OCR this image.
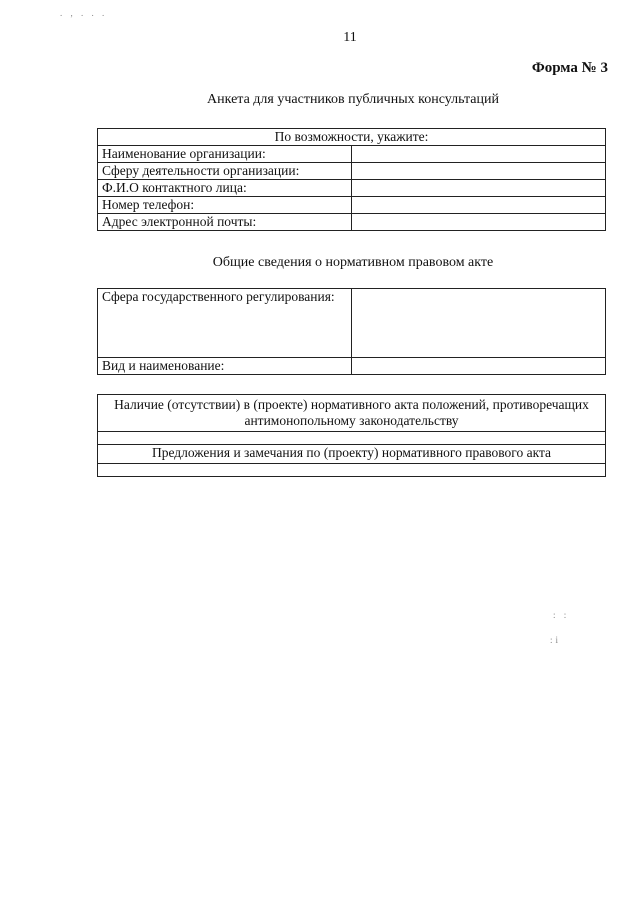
11
Форма № 3
Анкета для участников публичных консультаций
По возможности, укажите:	
Наименование организации:	
Сферу деятельности организации:	
Ф.И.О контактного лица:	
Номер телефон:	
Адрес электронной почты:	
Общие сведения о нормативном правовом акте
Сфера государственного регулирования:	
Вид и наименование:	
Наличие (отсутствии) в (проекте) нормативного акта положений, противоречащих антимонопольному законодательству

Предложения и замечания по (проекту) нормативного правового акта

. , . . .
: :
:i
